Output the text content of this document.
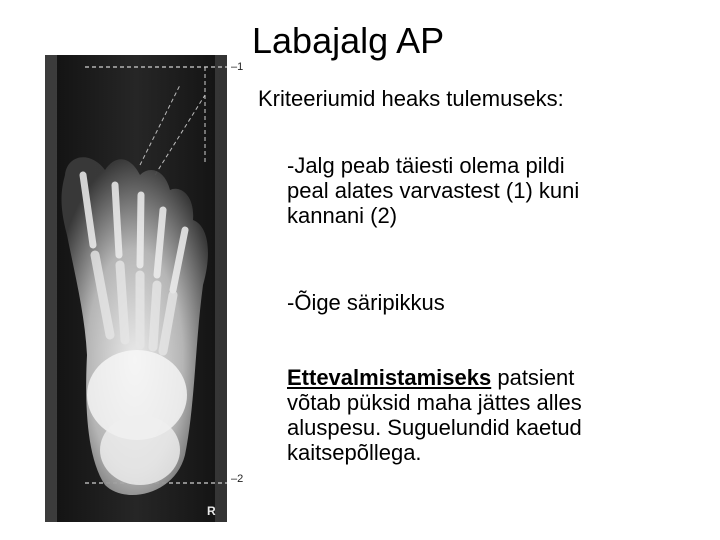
R
–1
–2
Labajalg AP
Kriteeriumid heaks tulemuseks:
-Jalg peab täiesti olema pildi
peal alates varvastest (1) kuni
kannani (2)
-Õige säripikkus
Ettevalmistamiseks patsient
võtab püksid maha jättes alles
aluspesu. Suguelundid kaetud
kaitsepõllega.
